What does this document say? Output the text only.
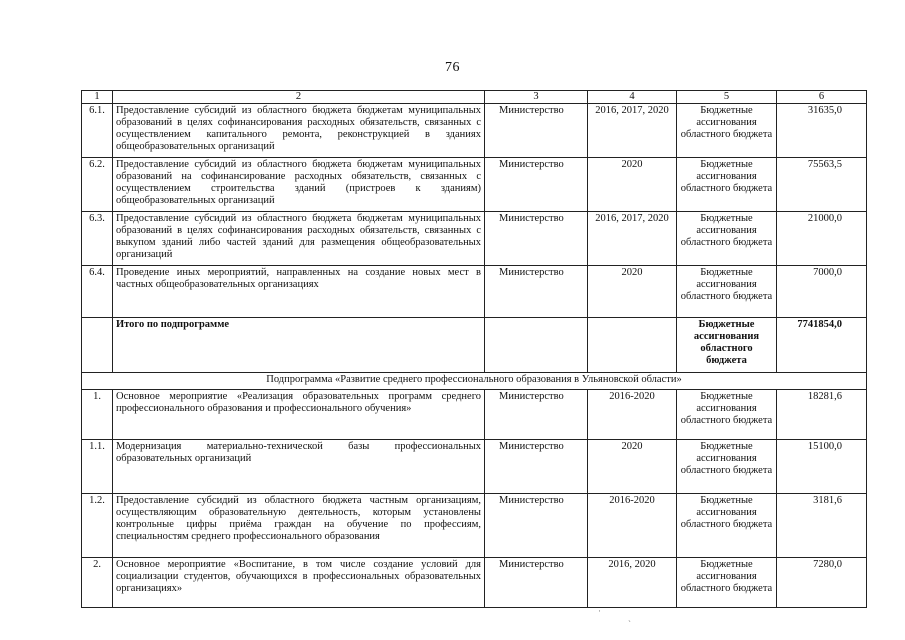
76
1	2	3	4	5	6
6.1.	Предоставление субсидий из областного бюджета бюджетам муниципальных образований в целях софинансирования расходных обязательств, связанных с осуществлением капитального ремонта, реконструкцией в зданиях общеобразовательных организаций	Министерство	2016, 2017, 2020	Бюджетные ассигнования областного бюджета	31635,0
6.2.	Предоставление субсидий из областного бюджета бюджетам муниципальных образований на софинансирование расходных обязательств, связанных с осуществлением строительства зданий (пристроев к зданиям) общеобразовательных организаций	Министерство	2020	Бюджетные ассигнования областного бюджета	75563,5
6.3.	Предоставление субсидий из областного бюджета бюджетам муниципальных образований в целях софинансирования расходных обязательств, связанных с выкупом зданий либо частей зданий для размещения общеобразовательных организаций	Министерство	2016, 2017, 2020	Бюджетные ассигнования областного бюджета	21000,0
6.4.	Проведение иных мероприятий, направленных на создание новых мест в частных общеобразовательных организациях	Министерство	2020	Бюджетные ассигнования областного бюджета	7000,0
	Итого по подпрограмме			Бюджетные ассигнования областного бюджета	7741854,0
Подпрограмма «Развитие среднего профессионального образования в Ульяновской области»					
1.	Основное мероприятие «Реализация образовательных программ среднего профессионального образования и профессионального обучения»	Министерство	2016-2020	Бюджетные ассигнования областного бюджета	18281,6
1.1.	Модернизация материально-технической базы профессиональных образовательных организаций	Министерство	2020	Бюджетные ассигнования областного бюджета	15100,0
1.2.	Предоставление субсидий из областного бюджета частным организациям, осуществляющим образовательную деятельность, которым установлены контрольные цифры приёма граждан на обучение по профессиям, специальностям среднего профессионального образования	Министерство	2016-2020	Бюджетные ассигнования областного бюджета	3181,6
2.	Основное мероприятие «Воспитание, в том числе создание условий для социализации студентов, обучающихся в профессиональных образовательных организациях»	Министерство	2016, 2020	Бюджетные ассигнования областного бюджета	7280,0
·
ˎ
